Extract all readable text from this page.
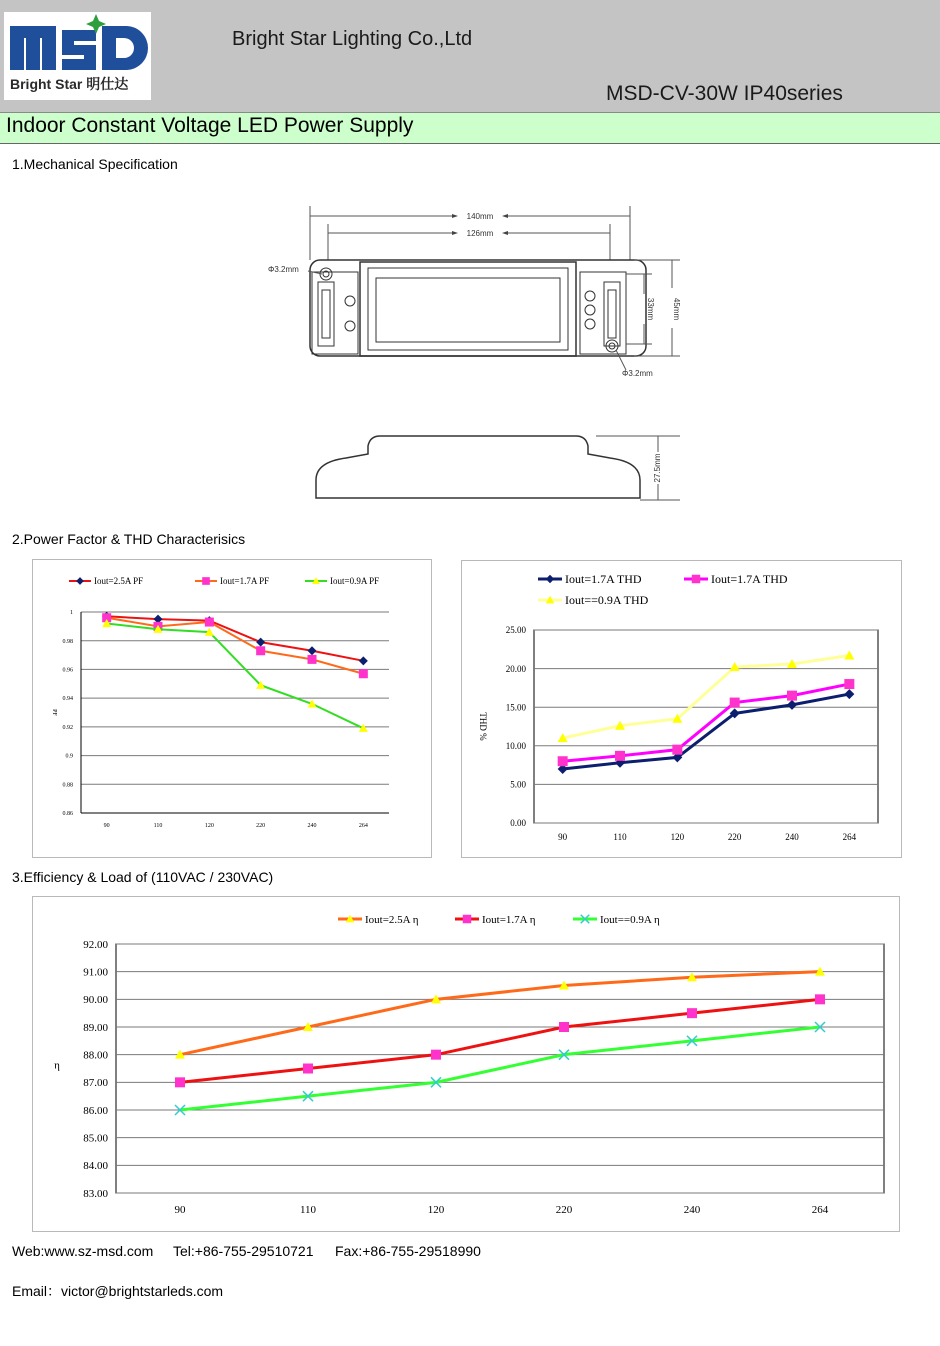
Bright Star 明仕达
Bright Star Lighting Co.,Ltd
MSD-CV-30W IP40series
Indoor Constant Voltage LED Power Supply
1.Mechanical Specification
140mm
126mm
Φ3.2mm
Φ3.2mm
33mm 45mm
27.5mm
2.Power Factor & THD Characterisics
0.86
0.88
0.9
0.92
0.94
0.96
0.98
1
90	110	120	220	240	264
PF
Iout=2.5A PF	Iout=1.7A PF	Iout=0.9A PF
0.00
5.00
10.00
15.00
20.00
25.00
90	110	120	220	240	264
THD %
Iout=1.7A THD	Iout=1.7A THD
Iout==0.9A THD
3.Efficiency & Load of (110VAC / 230VAC)
83.00
84.00
85.00
86.00
87.00
88.00
89.00
90.00
91.00
92.00
90	110	120	220	240	264
η
Iout=2.5A η	Iout=1.7A η	Iout==0.9A η
Web:www.sz-msd.com Tel:+86-755-29510721 Fax:+86-755-29518990
Email：victor@brightstarleds.com
